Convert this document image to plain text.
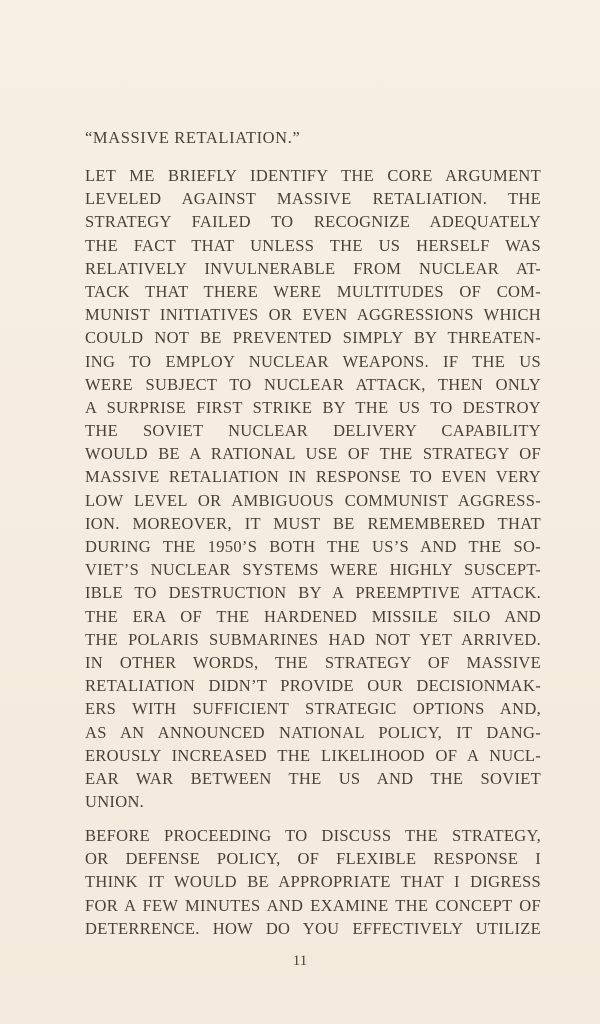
“MASSIVE RETALIATION.”
LET ME BRIEFLY IDENTIFY THE CORE ARGUMENT
LEVELED AGAINST MASSIVE RETALIATION. THE
STRATEGY FAILED TO RECOGNIZE ADEQUATELY
THE FACT THAT UNLESS THE US HERSELF WAS
RELATIVELY INVULNERABLE FROM NUCLEAR AT-
TACK THAT THERE WERE MULTITUDES OF COM-
MUNIST INITIATIVES OR EVEN AGGRESSIONS WHICH
COULD NOT BE PREVENTED SIMPLY BY THREATEN-
ING TO EMPLOY NUCLEAR WEAPONS. IF THE US
WERE SUBJECT TO NUCLEAR ATTACK, THEN ONLY
A SURPRISE FIRST STRIKE BY THE US TO DESTROY
THE SOVIET NUCLEAR DELIVERY CAPABILITY
WOULD BE A RATIONAL USE OF THE STRATEGY OF
MASSIVE RETALIATION IN RESPONSE TO EVEN VERY
LOW LEVEL OR AMBIGUOUS COMMUNIST AGGRESS-
ION. MOREOVER, IT MUST BE REMEMBERED THAT
DURING THE 1950’S BOTH THE US’S AND THE SO-
VIET’S NUCLEAR SYSTEMS WERE HIGHLY SUSCEPT-
IBLE TO DESTRUCTION BY A PREEMPTIVE ATTACK.
THE ERA OF THE HARDENED MISSILE SILO AND
THE POLARIS SUBMARINES HAD NOT YET ARRIVED.
IN OTHER WORDS, THE STRATEGY OF MASSIVE
RETALIATION DIDN’T PROVIDE OUR DECISIONMAK-
ERS WITH SUFFICIENT STRATEGIC OPTIONS AND,
AS AN ANNOUNCED NATIONAL POLICY, IT DANG-
EROUSLY INCREASED THE LIKELIHOOD OF A NUCL-
EAR WAR BETWEEN THE US AND THE SOVIET
UNION.
BEFORE PROCEEDING TO DISCUSS THE STRATEGY,
OR DEFENSE POLICY, OF FLEXIBLE RESPONSE I
THINK IT WOULD BE APPROPRIATE THAT I DIGRESS
FOR A FEW MINUTES AND EXAMINE THE CONCEPT OF
DETERRENCE. HOW DO YOU EFFECTIVELY UTILIZE
11
